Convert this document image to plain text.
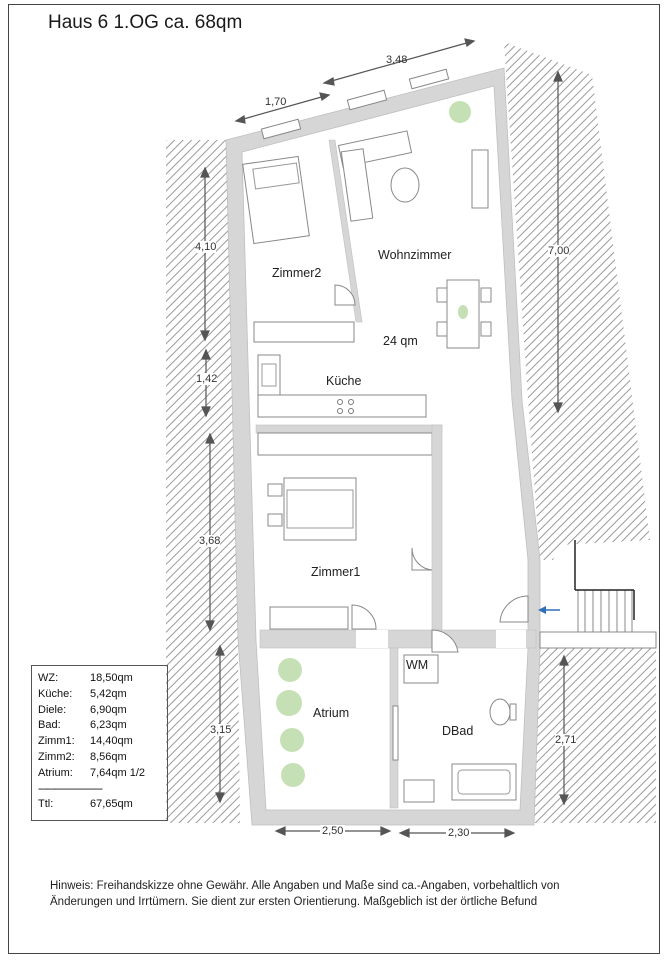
Haus 6 1.OG ca. 68qm
1,70
3,48
4,10
1,42
3,68
3,15
7,00
2,71
2,50	2,30
Zimmer2
Wohnzimmer
24 qm
Küche
Zimmer1
WM
Atrium
DBad
WZ:	18,50qm
Küche:	5,42qm
Diele:	6,90qm
Bad:	6,23qm
Zimm1:	14,40qm
Zimm2:	8,56qm
Atrium:	7,64qm 1/2
------------------------
Ttl:	67,65qm
Hinweis: Freihandskizze ohne Gewähr. Alle Angaben und Maße sind ca.-Angaben, vorbehaltlich von Änderungen und Irrtümern. Sie dient zur ersten Orientierung. Maßgeblich ist der örtliche Befund
